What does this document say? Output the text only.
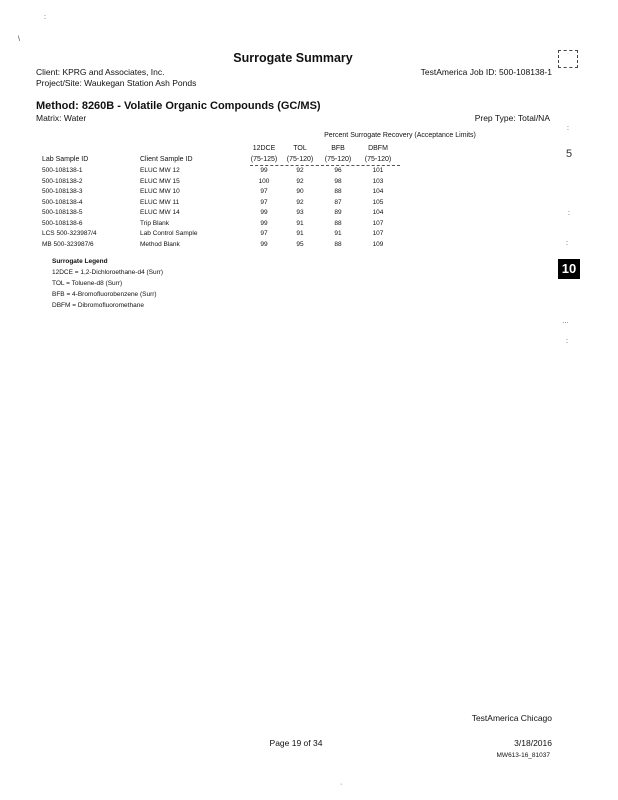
:
\
:
5
:
:
…
:
·
10
Surrogate Summary
Client: KPRG and Associates, Inc.	TestAmerica Job ID: 500-108138-1
Project/Site: Waukegan Station Ash Ponds
Method: 8260B - Volatile Organic Compounds (GC/MS)
Matrix: Water	Prep Type: Total/NA
Percent Surrogate Recovery (Acceptance Limits)
Lab Sample ID	Client Sample ID
12DCE	TOL	BFB	DBFM
(75-125)	(75-120)	(75-120)	(75-120)
500-108138-1	ELUC MW 12	99	92	96	101
500-108138-2	ELUC MW 15	100	92	98	103
500-108138-3	ELUC MW 10	97	90	88	104
500-108138-4	ELUC MW 11	97	92	87	105
500-108138-5	ELUC MW 14	99	93	89	104
500-108138-6	Trip Blank	99	91	88	107
LCS 500-323987/4	Lab Control Sample	97	91	91	107
MB 500-323987/6	Method Blank	99	95	88	109
Surrogate Legend
12DCE = 1,2-Dichloroethane-d4 (Surr)
TOL = Toluene-d8 (Surr)
BFB = 4-Bromofluorobenzene (Surr)
DBFM = Dibromofluoromethane
TestAmerica Chicago
Page 19 of 34	3/18/2016
MW613-16_81037
